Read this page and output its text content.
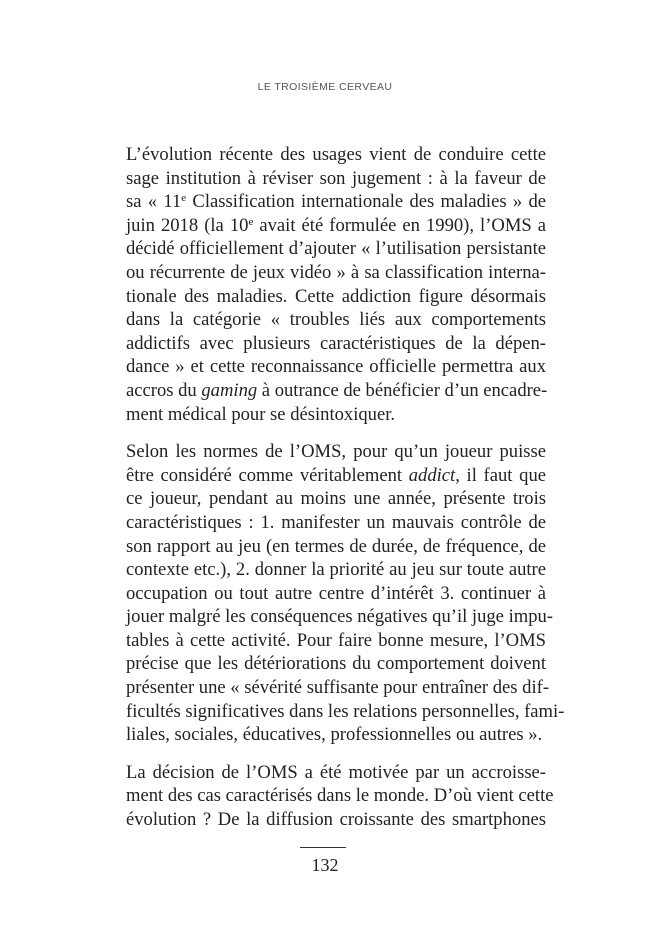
LE TROISIÈME CERVEAU

L’évolution récente des usages vient de conduire cette
sage institution à réviser son jugement : à la faveur de
sa « 11e Classification internationale des maladies » de
juin 2018 (la 10e avait été formulée en 1990), l’OMS a
décidé officiellement d’ajouter « l’utilisation persistante
ou récurrente de jeux vidéo » à sa classification interna-
tionale des maladies. Cette addiction figure désormais
dans la catégorie « troubles liés aux comportements
addictifs avec plusieurs caractéristiques de la dépen-
dance » et cette reconnaissance officielle permettra aux
accros du gaming à outrance de bénéficier d’un encadre-
ment médical pour se désintoxiquer.

Selon les normes de l’OMS, pour qu’un joueur puisse
être considéré comme véritablement addict, il faut que
ce joueur, pendant au moins une année, présente trois
caractéristiques : 1. manifester un mauvais contrôle de
son rapport au jeu (en termes de durée, de fréquence, de
contexte etc.), 2. donner la priorité au jeu sur toute autre
occupation ou tout autre centre d’intérêt 3. continuer à
jouer malgré les conséquences négatives qu’il juge impu-
tables à cette activité. Pour faire bonne mesure, l’OMS
précise que les détériorations du comportement doivent
présenter une « sévérité suffisante pour entraîner des dif-
ficultés significatives dans les relations personnelles, fami-
liales, sociales, éducatives, professionnelles ou autres ».

La décision de l’OMS a été motivée par un accroisse-
ment des cas caractérisés dans le monde. D’où vient cette
évolution ? De la diffusion croissante des smartphones

132
